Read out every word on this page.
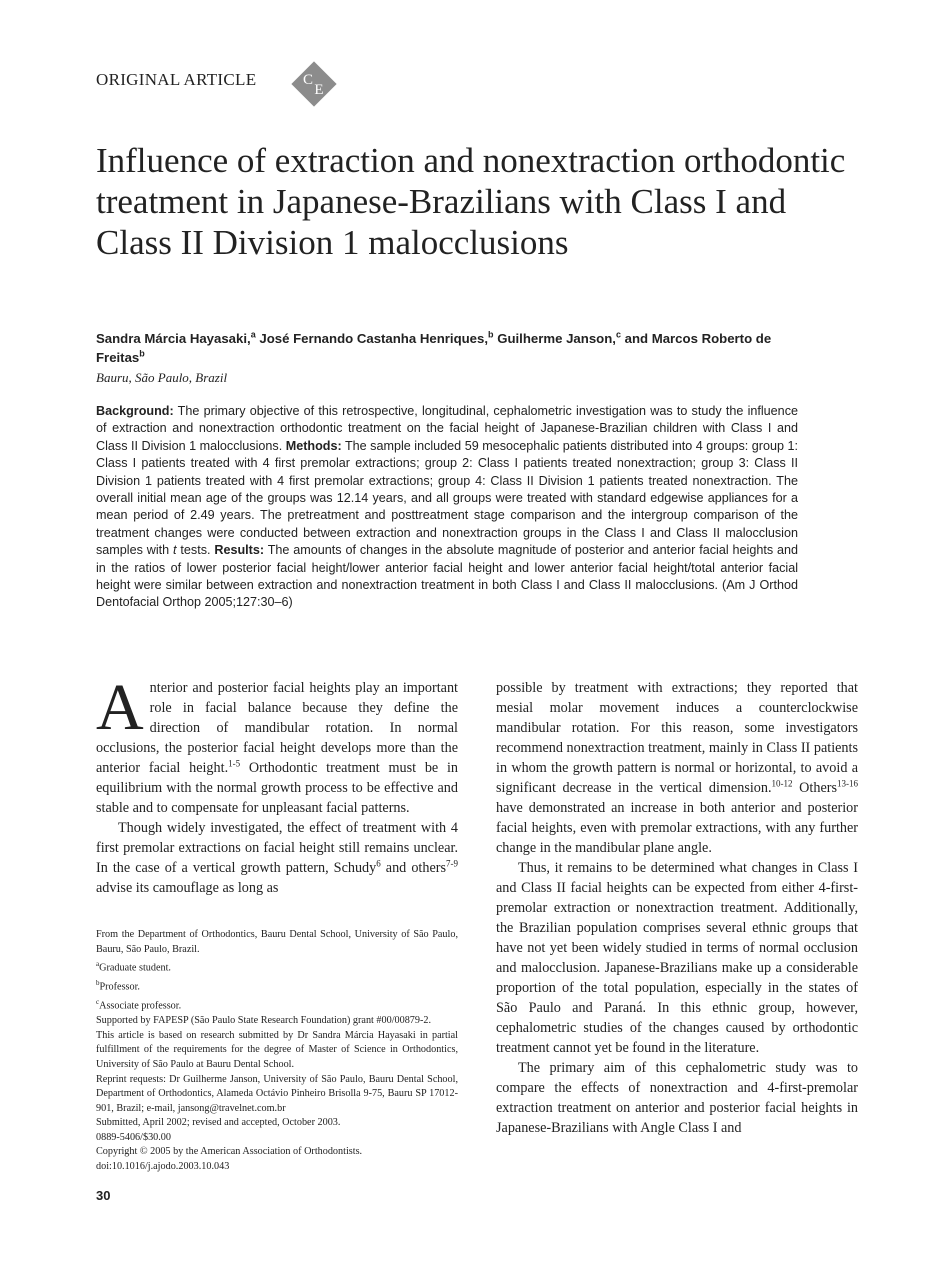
ORIGINAL ARTICLE	C
E
Influence of extraction and nonextraction orthodontic treatment in Japanese-Brazilians with Class I and Class II Division 1 malocclusions
Sandra Márcia Hayasaki,$^a$ José Fernando Castanha Henriques,$^b$ Guilherme Janson,$^c$ and Marcos Roberto de Freitas$^b$
Bauru, São Paulo, Brazil

Background: The primary objective of this retrospective, longitudinal, cephalometric investigation was to study the influence of extraction and nonextraction orthodontic treatment on the facial height of Japanese-Brazilian children with Class I and Class II Division 1 malocclusions. Methods: The sample included 59 mesocephalic patients distributed into 4 groups: group 1: Class I patients treated with 4 first premolar extractions; group 2: Class I patients treated nonextraction; group 3: Class II Division 1 patients treated with 4 first premolar extractions; group 4: Class II Division 1 patients treated nonextraction. The overall initial mean age of the groups was 12.14 years, and all groups were treated with standard edgewise appliances for a mean period of 2.49 years. The pretreatment and posttreatment stage comparison and the intergroup comparison of the treatment changes were conducted between extraction and nonextraction groups in the Class I and Class II malocclusion samples with t tests. Results: The amounts of changes in the absolute magnitude of posterior and anterior facial heights and in the ratios of lower posterior facial height/lower anterior facial height and lower anterior facial height/total anterior facial height were similar between extraction and nonextraction treatment in both Class I and Class II malocclusions. (Am J Orthod Dentofacial Orthop 2005;127:30–6)

Anterior and posterior facial heights play an important role in facial balance because they define the direction of mandibular rotation. In normal occlusions, the posterior facial height develops more than the anterior facial height.$^{1-5}$ Orthodontic treatment must be in equilibrium with the normal growth process to be effective and stable and to compensate for unpleasant facial patterns.

Though widely investigated, the effect of treatment with 4 first premolar extractions on facial height still remains unclear. In the case of a vertical growth pattern, Schudy$^6$ and others$^{7-9}$ advise its camouflage as long as

From the Department of Orthodontics, Bauru Dental School, University of São Paulo, Bauru, São Paulo, Brazil.
$^a$Graduate student.
$^b$Professor.
$^c$Associate professor.
Supported by FAPESP (São Paulo State Research Foundation) grant #00/00879-2.
This article is based on research submitted by Dr Sandra Márcia Hayasaki in partial fulfillment of the requirements for the degree of Master of Science in Orthodontics, University of São Paulo at Bauru Dental School.
Reprint requests: Dr Guilherme Janson, University of São Paulo, Bauru Dental School, Department of Orthodontics, Alameda Octávio Pinheiro Brisolla 9-75, Bauru SP 17012-901, Brazil; e-mail, jansong@travelnet.com.br
Submitted, April 2002; revised and accepted, October 2003.
0889-5406/$30.00
Copyright © 2005 by the American Association of Orthodontists.
doi:10.1016/j.ajodo.2003.10.043

possible by treatment with extractions; they reported that mesial molar movement induces a counterclockwise mandibular rotation. For this reason, some investigators recommend nonextraction treatment, mainly in Class II patients in whom the growth pattern is normal or horizontal, to avoid a significant decrease in the vertical dimension.$^{10-12}$ Others$^{13-16}$ have demonstrated an increase in both anterior and posterior facial heights, even with premolar extractions, with any further change in the mandibular plane angle.

Thus, it remains to be determined what changes in Class I and Class II facial heights can be expected from either 4-first-premolar extraction or nonextraction treatment. Additionally, the Brazilian population comprises several ethnic groups that have not yet been widely studied in terms of normal occlusion and malocclusion. Japanese-Brazilians make up a considerable proportion of the total population, especially in the states of São Paulo and Paraná. In this ethnic group, however, cephalometric studies of the changes caused by orthodontic treatment cannot yet be found in the literature.

The primary aim of this cephalometric study was to compare the effects of nonextraction and 4-first-premolar extraction treatment on anterior and posterior facial heights in Japanese-Brazilians with Angle Class I and

30
